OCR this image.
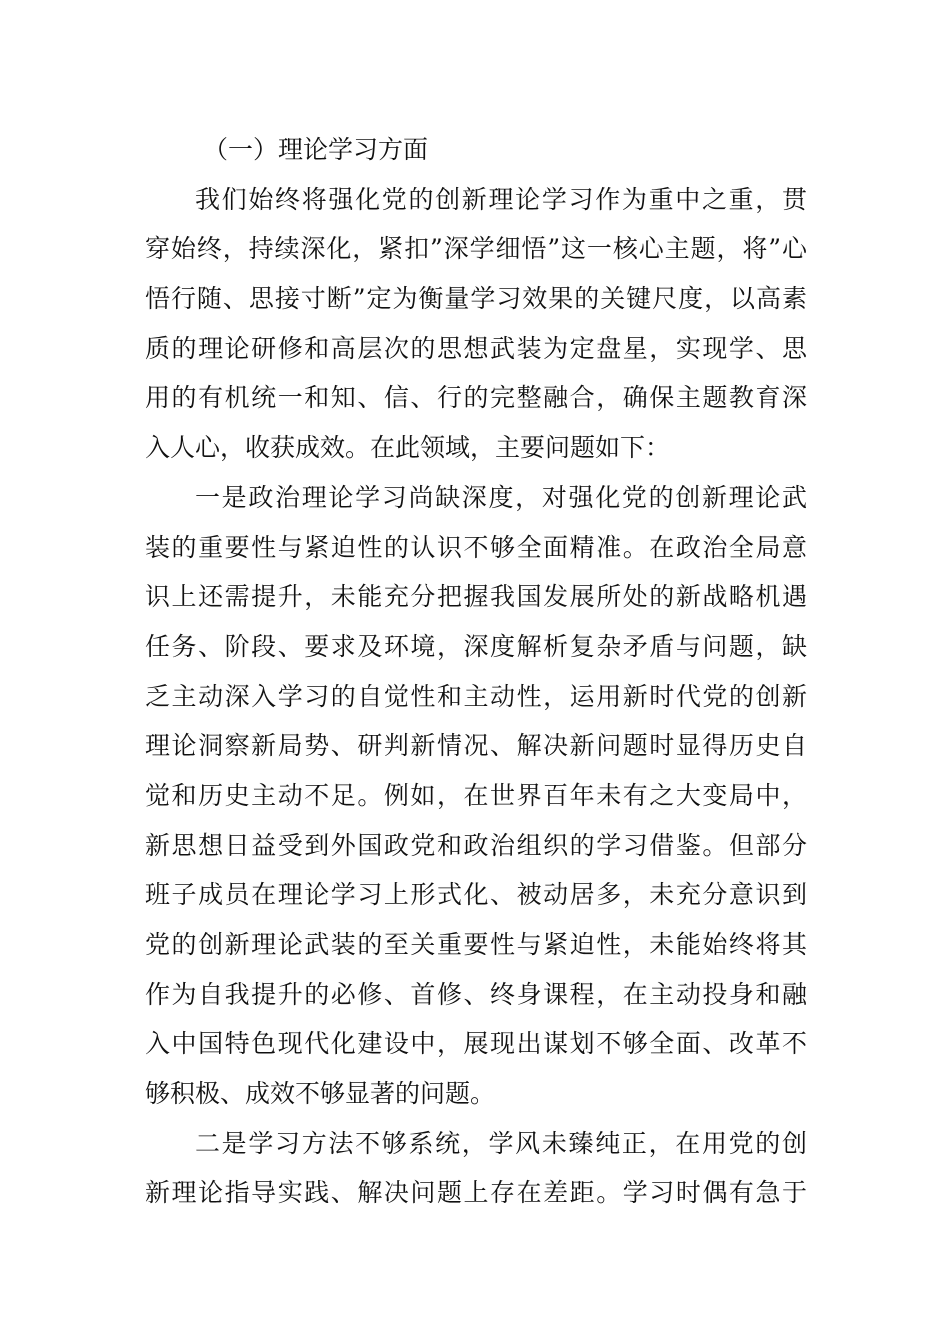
（一）理论学习方面
我们始终将强化党的创新理论学习作为重中之重，贯
穿始终，持续深化，紧扣”深学细悟”这一核心主题，将”心
悟行随、思接寸断”定为衡量学习效果的关键尺度，以高素
质的理论研修和高层次的思想武装为定盘星，实现学、思
用的有机统一和知、信、行的完整融合，确保主题教育深
入人心，收获成效。在此领域，主要问题如下：
一是政治理论学习尚缺深度，对强化党的创新理论武
装的重要性与紧迫性的认识不够全面精准。在政治全局意
识上还需提升，未能充分把握我国发展所处的新战略机遇
任务、阶段、要求及环境，深度解析复杂矛盾与问题，缺
乏主动深入学习的自觉性和主动性，运用新时代党的创新
理论洞察新局势、研判新情况、解决新问题时显得历史自
觉和历史主动不足。例如，在世界百年未有之大变局中，
新思想日益受到外国政党和政治组织的学习借鉴。但部分
班子成员在理论学习上形式化、被动居多，未充分意识到
党的创新理论武装的至关重要性与紧迫性，未能始终将其
作为自我提升的必修、首修、终身课程，在主动投身和融
入中国特色现代化建设中，展现出谋划不够全面、改革不
够积极、成效不够显著的问题。
二是学习方法不够系统，学风未臻纯正，在用党的创
新理论指导实践、解决问题上存在差距。学习时偶有急于
